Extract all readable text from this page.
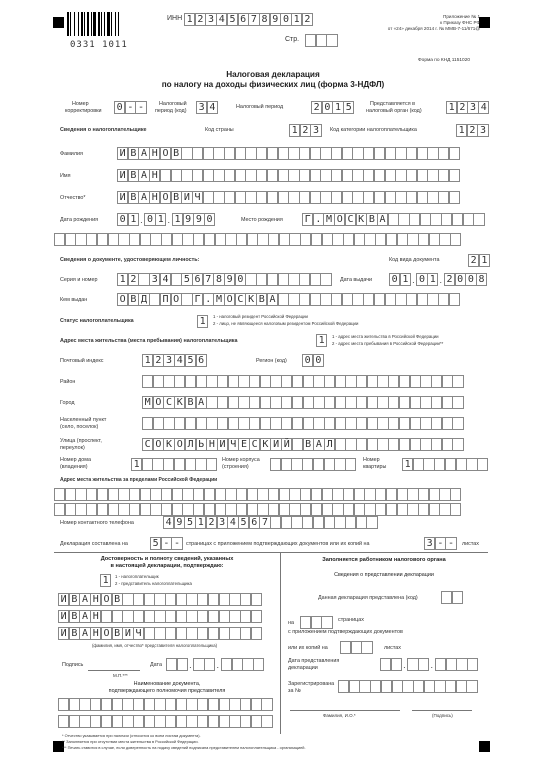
0331 1011
ИНН 1 2 3 4 5 6 7 8 9 0 1 2
Стр.
Приложение № 1
к Приказу ФНС РФ
от «24» декабря 2014 г. № ММВ-7-11/671@
Форма по КНД 1151020
Налоговая декларация
по налогу на доходы физических лиц (форма 3-НДФЛ)
Номер
корректировки 0 - -	Налоговый
период (код) 3 4	Налоговый период	2 0 1 5	Представляется в
налоговый орган (код)	1 2 3 4
Сведения о налогоплательщике	Код страны	1 2 3	Код категории налогоплательщика	1 2 3
Фамилия	И В А Н О В
Имя	И В А Н
Отчество*	И В А Н О В И Ч
Дата рождения 0 1 . 0 1 . 1 9 9 0	Место рождения Г . М О С К В А
Сведения о документе, удостоверяющем личность:	Код вида документа	2 1
Серия и номер 1 2 3 4 5 6 7 8 9 0	Дата выдачи 0 1 . 0 1 . 2 0 0 8
Кем выдан	О В Д П О Г . М О С К В А
Статус налогоплательщика	1	1 - налоговый резидент Российской Федерации
2 - лицо, не являющееся налоговым резидентом Российской Федерации
Адрес места жительства (места пребывания) налогоплательщика	1	1 - адрес места жительства в Российской Федерации
2 - адрес места пребывания в Российской Федерации**
Почтовый индекс	1 2 3 4 5 6	Регион (код) 0 0
Район
Город	М О С К В А
Населенный пункт
(село, поселок)
Улица (проспект,
переулок)	С О К О Л Ь Н И Ч Е С К И Й В А Л
Номер дома
(владения)	1	Номер корпуса
(строения)
Номер
квартиры 1
Адрес места жительства за пределами Российской Федерации
Номер контактного телефона	4 9 5 1 2 3 4 5 6 7
Декларация составлена на 5 - -	страницах с приложением подтверждающих документов или их копий на	3 - -	листах
Достоверность и полноту сведений, указанных
в настоящей декларации, подтверждаю:
1	1 - налогоплательщик
2 - представитель налогоплательщика
И В А Н О В
И В А Н
И В А Н О В И Ч
(фамилия, имя, отчество* представителя налогоплательщика)
Подпись	Дата	.	.
М.П.***
Наименование документа,
подтверждающего полномочия представителя
Заполняется работником налогового органа
Сведения о представлении декларации
Данная декларация представлена (код)
на	страницах
с приложением подтверждающих документов
или их копий на	листах
Дата представления
декларации	.	.
Зарегистрирована
за №
Фамилия, И.О.*	(Подпись)
* Отчество указывается при наличии (относится ко всем листам документа).
** Заполняется при отсутствии места жительства в Российской Федерации.
*** Печать ставится в случае, если доверенность на подачу сведений подписана представителем налогоплательщика - организацией.
